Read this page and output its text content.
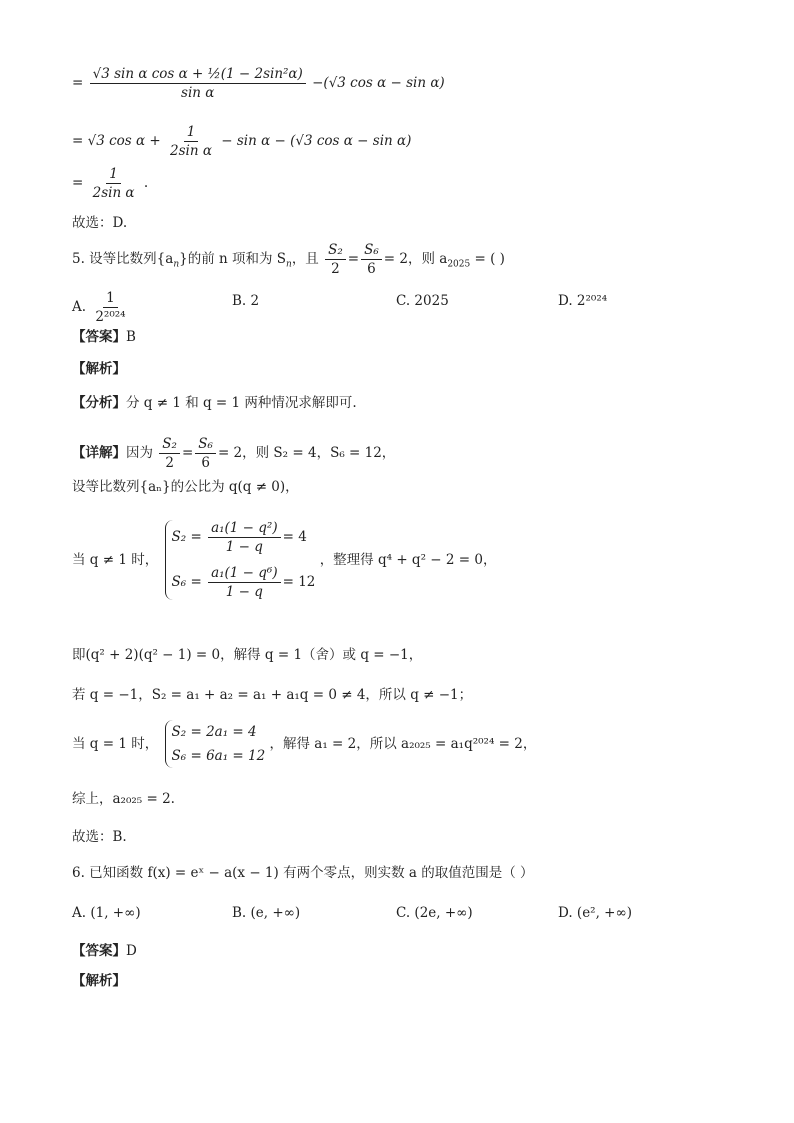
= $\frac{\text{√3 sin α cos α + ½(1 − 2sin²α)}}{\text{sin α}} -(√3$ cos α − sin α)
= √3 $\cos \alpha + \frac{1}{\text{2sin α}} - \sin \alpha - (√3$ cos α − sin α)
= $\frac{1}{\text{2sin α}}$ .
故选：D.
5. 设等比数列$\{a_n\}$的前 n 项和为 $S_n$，且 $\frac{\text{S₂}}{2} = \frac{\text{S₆}}{6} = 2$，则 $a_{2025}$ = ( )
A. $\frac{1}{\text{2²⁰²⁴}}$	B. 2	C. 2025	D. 2²⁰²⁴
【答案】B
【解析】
【分析】分 q ≠ 1 和 q = 1 两种情况求解即可.
【详解】因为 $\frac{\text{S₂}}{2} = \frac{\text{S₆}}{6} = 2$，则 S₂ = 4，S₆ = 12，
设等比数列{aₙ}的公比为 q(q ≠ 0)，
当 q ≠ 1 时，
$S_2 = \frac{\text{a₁(1 − q²)}}{1 - q} = 4$
$S_6 = \frac{\text{a₁(1 − q⁶)}}{1 - q} = 12$
，整理得 q⁴ + q² − 2 = 0，
即(q² + 2)(q² − 1) = 0，解得 q = 1（舍）或 q = −1，
若 q = −1，S₂ = a₁ + a₂ = a₁ + a₁q = 0 ≠ 4，所以 q ≠ −1；
当 q = 1 时，
S₂ = 2a₁ = 4
S₆ = 6a₁ = 12
，解得 a₁ = 2，所以 a₂₀₂₅ = a₁q²⁰²⁴ = 2，
综上，a₂₀₂₅ = 2.
故选：B.
6. 已知函数 f(x) = eˣ − a(x − 1) 有两个零点，则实数 a 的取值范围是（ ）
A. (1, +∞)	B. (e, +∞)	C. (2e, +∞)	D. (e², +∞)
【答案】D
【解析】
